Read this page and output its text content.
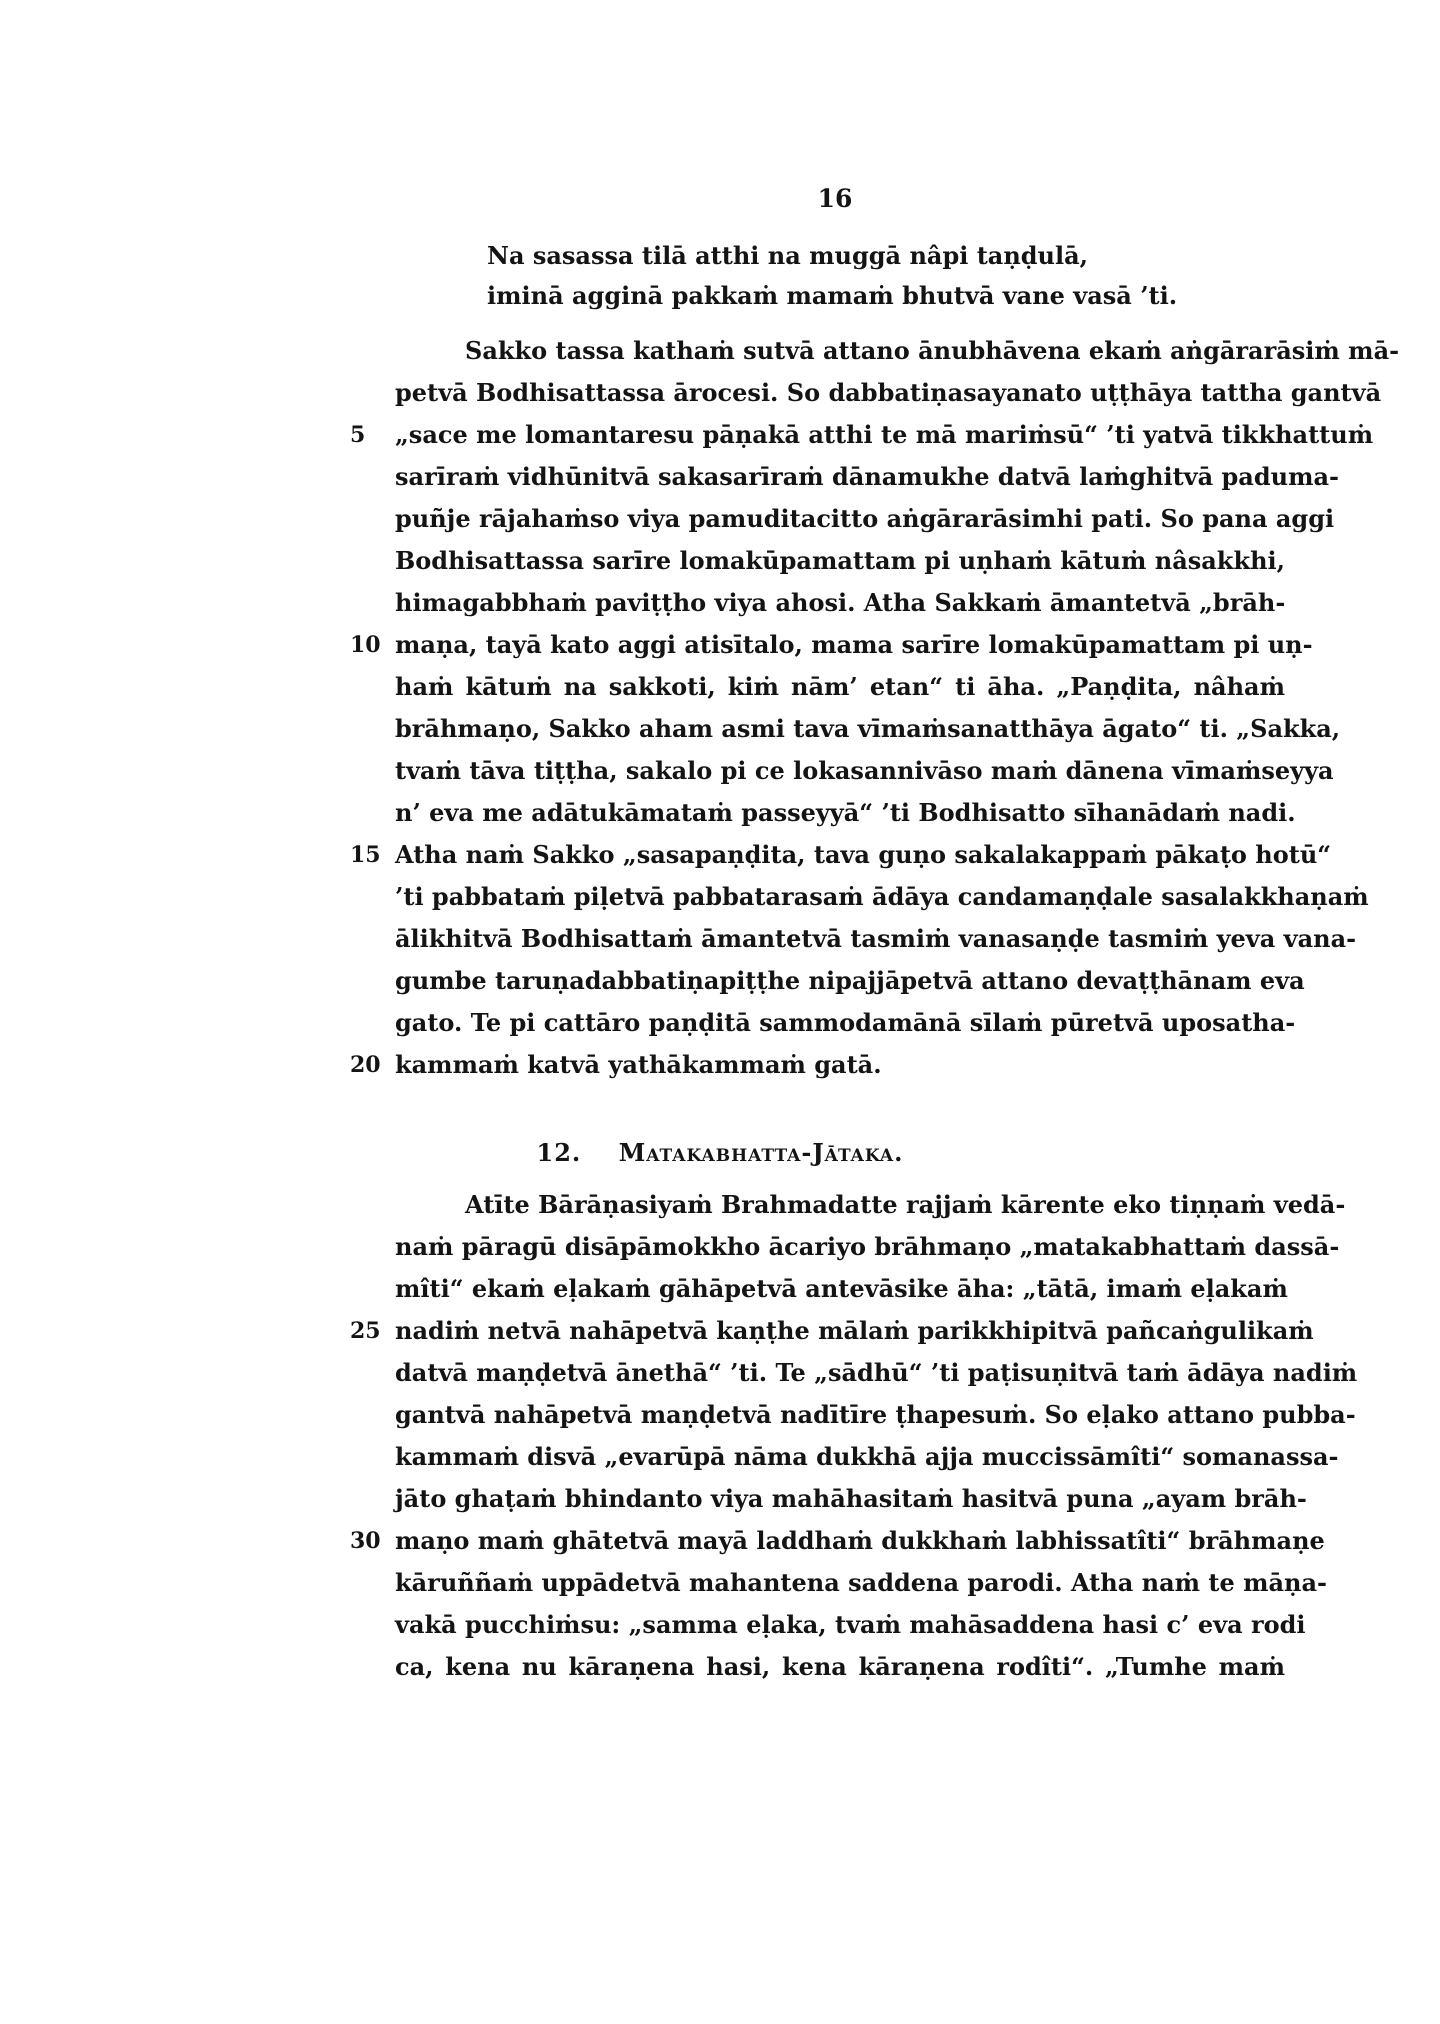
16
Na sasassa tilā atthi na muggā nâpi taṇḍulā,
iminā agginā pakkaṁ mamaṁ bhutvā vane vasā ’ti.
Sakko tassa kathaṁ sutvā attano ānubhāvena ekaṁ aṅgārarāsiṁ mā-
petvā Bodhisattassa ārocesi. So dabbatiṇasayanato uṭṭhāya tattha gantvā
5	„sace me lomantaresu pāṇakā atthi te mā mariṁsū“ ’ti yatvā tikkhattuṁ
sarīraṁ vidhūnitvā sakasarīraṁ dānamukhe datvā laṁghitvā paduma-
puñje rājahaṁso viya pamuditacitto aṅgārarāsimhi pati. So pana aggi
Bodhisattassa sarīre lomakūpamattam pi uṇhaṁ kātuṁ nâsakkhi,
himagabbhaṁ paviṭṭho viya ahosi. Atha Sakkaṁ āmantetvā „brāh-
10 maṇa, tayā kato aggi atisītalo, mama sarīre lomakūpamattam pi uṇ-
haṁ kātuṁ na sakkoti, kiṁ nām’ etan“ ti āha. „Paṇḍita, nâhaṁ
brāhmaṇo, Sakko aham asmi tava vīmaṁsanatthāya āgato“ ti. „Sakka,
tvaṁ tāva tiṭṭha, sakalo pi ce lokasannivāso maṁ dānena vīmaṁseyya
n’ eva me adātukāmataṁ passeyyā“ ’ti Bodhisatto sīhanādaṁ nadi.
15 Atha naṁ Sakko „sasapaṇḍita, tava guṇo sakalakappaṁ pākaṭo hotū“
’ti pabbataṁ piḷetvā pabbatarasaṁ ādāya candamaṇḍale sasalakkhaṇaṁ
ālikhitvā Bodhisattaṁ āmantetvā tasmiṁ vanasaṇḍe tasmiṁ yeva vana-
gumbe taruṇadabbatiṇapiṭṭhe nipajjāpetvā attano devaṭṭhānam eva
gato. Te pi cattāro paṇḍitā sammodamānā sīlaṁ pūretvā uposatha-
20 kammaṁ katvā yathākammaṁ gatā.
12. Matakabhatta-Jātaka.
Atīte Bārāṇasiyaṁ Brahmadatte rajjaṁ kārente eko tiṇṇaṁ vedā-
naṁ pāragū disāpāmokkho ācariyo brāhmaṇo „matakabhattaṁ dassā-
mîti“ ekaṁ eḷakaṁ gāhāpetvā antevāsike āha: „tātā, imaṁ eḷakaṁ
25 nadiṁ netvā nahāpetvā kaṇṭhe mālaṁ parikkhipitvā pañcaṅgulikaṁ
datvā maṇḍetvā ānethā“ ’ti. Te „sādhū“ ’ti paṭisuṇitvā taṁ ādāya nadiṁ
gantvā nahāpetvā maṇḍetvā nadītīre ṭhapesuṁ. So eḷako attano pubba-
kammaṁ disvā „evarūpā nāma dukkhā ajja muccissāmîti“ somanassa-
jāto ghaṭaṁ bhindanto viya mahāhasitaṁ hasitvā puna „ayam brāh-
30 maṇo maṁ ghātetvā mayā laddhaṁ dukkhaṁ labhissatîti“ brāhmaṇe
kāruññaṁ uppādetvā mahantena saddena parodi. Atha naṁ te māṇa-
vakā pucchiṁsu: „samma eḷaka, tvaṁ mahāsaddena hasi c’ eva rodi
ca, kena nu kāraṇena hasi, kena kāraṇena rodîti“. „Tumhe maṁ
